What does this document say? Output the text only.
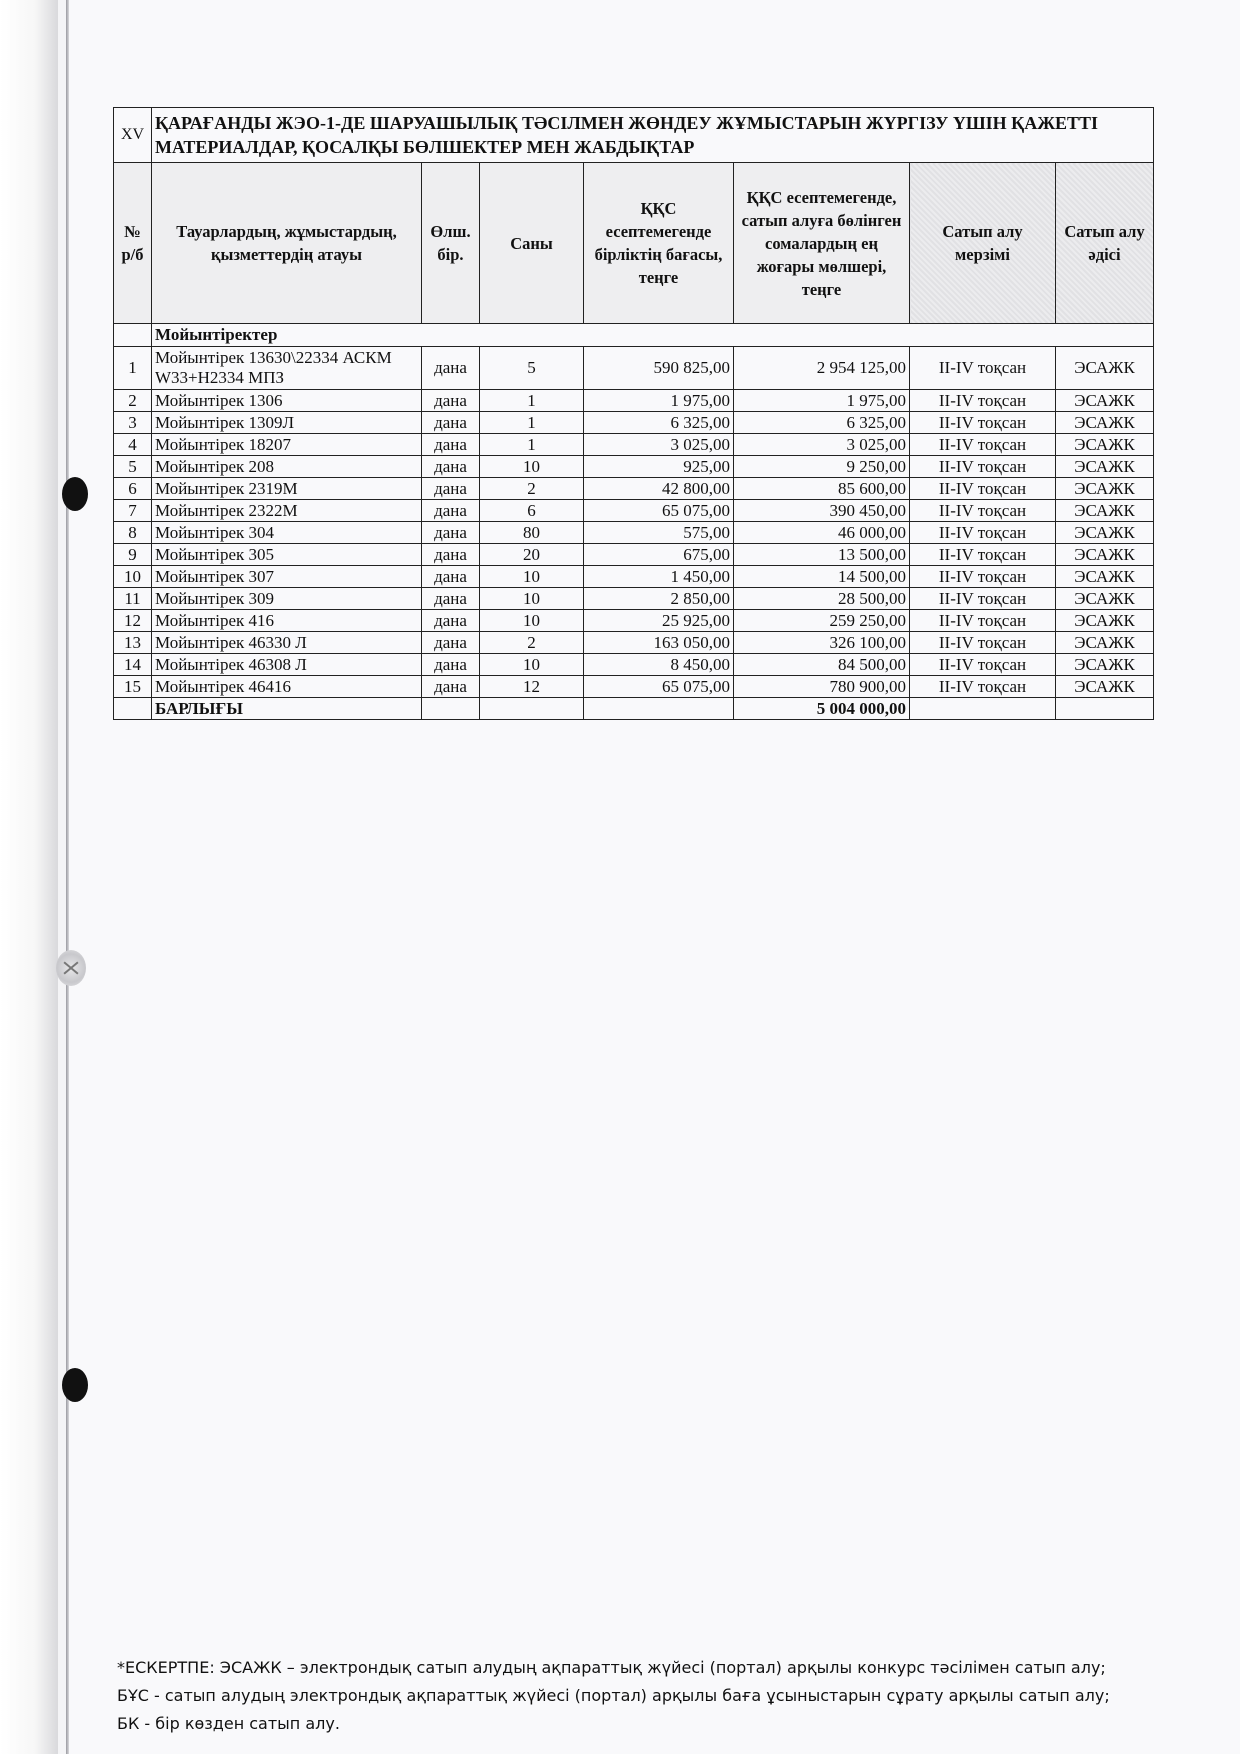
XV	ҚАРАҒАНДЫ ЖЭО-1-ДЕ ШАРУАШЫЛЫҚ ТӘСІЛМЕН ЖӨНДЕУ ЖҰМЫСТАРЫН ЖҮРГІЗУ ҮШІН ҚАЖЕТТІ МАТЕРИАЛДАР, ҚОСАЛҚЫ БӨЛШЕКТЕР МЕН ЖАБДЫҚТАР						
№ р/б	Тауарлардың, жұмыстардың, қызметтердің атауы	Өлш. бір.	Саны	ҚҚС есептемегенде бірліктің бағасы, теңге	ҚҚС есептемегенде, сатып алуға бөлінген сомалардың ең жоғары мөлшері, теңге	Сатып алу мерзімі	Сатып алу әдісі
	Мойынтіректер						
1	Мойынтірек 13630\22334 АСКМ W33+H2334 МПЗ	дана	5	590 825,00	2 954 125,00	II-IV тоқсан	ЭСАЖК
2	Мойынтірек 1306	дана	1	1 975,00	1 975,00	II-IV тоқсан	ЭСАЖК
3	Мойынтірек 1309Л	дана	1	6 325,00	6 325,00	II-IV тоқсан	ЭСАЖК
4	Мойынтірек 18207	дана	1	3 025,00	3 025,00	II-IV тоқсан	ЭСАЖК
5	Мойынтірек 208	дана	10	925,00	9 250,00	II-IV тоқсан	ЭСАЖК
6	Мойынтірек 2319М	дана	2	42 800,00	85 600,00	II-IV тоқсан	ЭСАЖК
7	Мойынтірек 2322М	дана	6	65 075,00	390 450,00	II-IV тоқсан	ЭСАЖК
8	Мойынтірек 304	дана	80	575,00	46 000,00	II-IV тоқсан	ЭСАЖК
9	Мойынтірек 305	дана	20	675,00	13 500,00	II-IV тоқсан	ЭСАЖК
10	Мойынтірек 307	дана	10	1 450,00	14 500,00	II-IV тоқсан	ЭСАЖК
11	Мойынтірек 309	дана	10	2 850,00	28 500,00	II-IV тоқсан	ЭСАЖК
12	Мойынтірек 416	дана	10	25 925,00	259 250,00	II-IV тоқсан	ЭСАЖК
13	Мойынтірек 46330 Л	дана	2	163 050,00	326 100,00	II-IV тоқсан	ЭСАЖК
14	Мойынтірек 46308 Л	дана	10	8 450,00	84 500,00	II-IV тоқсан	ЭСАЖК
15	Мойынтірек 46416	дана	12	65 075,00	780 900,00	II-IV тоқсан	ЭСАЖК
	БАРЛЫҒЫ				5 004 000,00		
*ЕСКЕРТПЕ: ЭСАЖК – электрондық сатып алудың ақпараттық жүйесі (портал) арқылы конкурс тәсілімен сатып алу;
БҰС - сатып алудың электрондық ақпараттық жүйесі (портал) арқылы баға ұсыныстарын сұрату арқылы сатып алу;
БК - бір көзден сатып алу.
